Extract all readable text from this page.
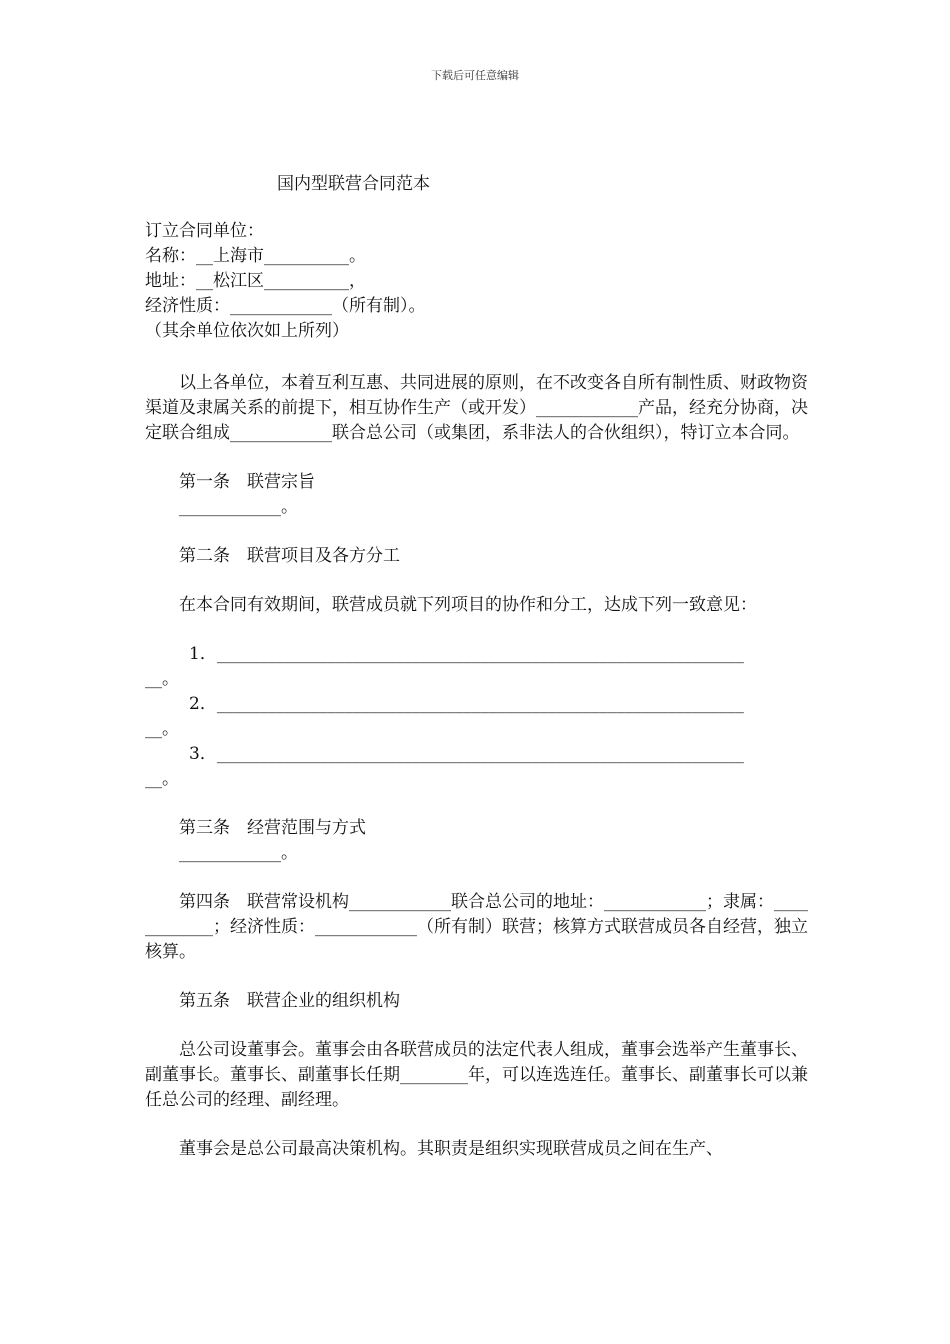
下载后可任意编辑
国内型联营合同范本

订立合同单位：

名称：__上海市__________。

地址：__松江区__________，

经济性质：____________（所有制）。

（其余单位依次如上所列）

以上各单位，本着互利互惠、共同进展的原则，在不改变各自所有制性质、财政物资渠道及隶属关系的前提下，相互协作生产（或开发）____________产品，经充分协商，决定联合组成____________联合总公司（或集团，系非法人的合伙组织），特订立本合同。

第一条　联营宗旨

____________。

第二条　联营项目及各方分工

在本合同有效期间，联营成员就下列项目的协作和分工，达成下列一致意见：

1．______________________________________________________________
__。
2．______________________________________________________________
__。
3．______________________________________________________________
__。

第三条　经营范围与方式

____________。

第四条　联营常设机构____________联合总公司的地址：____________；隶属：____________；经济性质：____________（所有制）联营；核算方式联营成员各自经营，独立核算。

第五条　联营企业的组织机构

总公司设董事会。董事会由各联营成员的法定代表人组成，董事会选举产生董事长、副董事长。董事长、副董事长任期________年，可以连选连任。董事长、副董事长可以兼任总公司的经理、副经理。

董事会是总公司最高决策机构。其职责是组织实现联营成员之间在生产、
